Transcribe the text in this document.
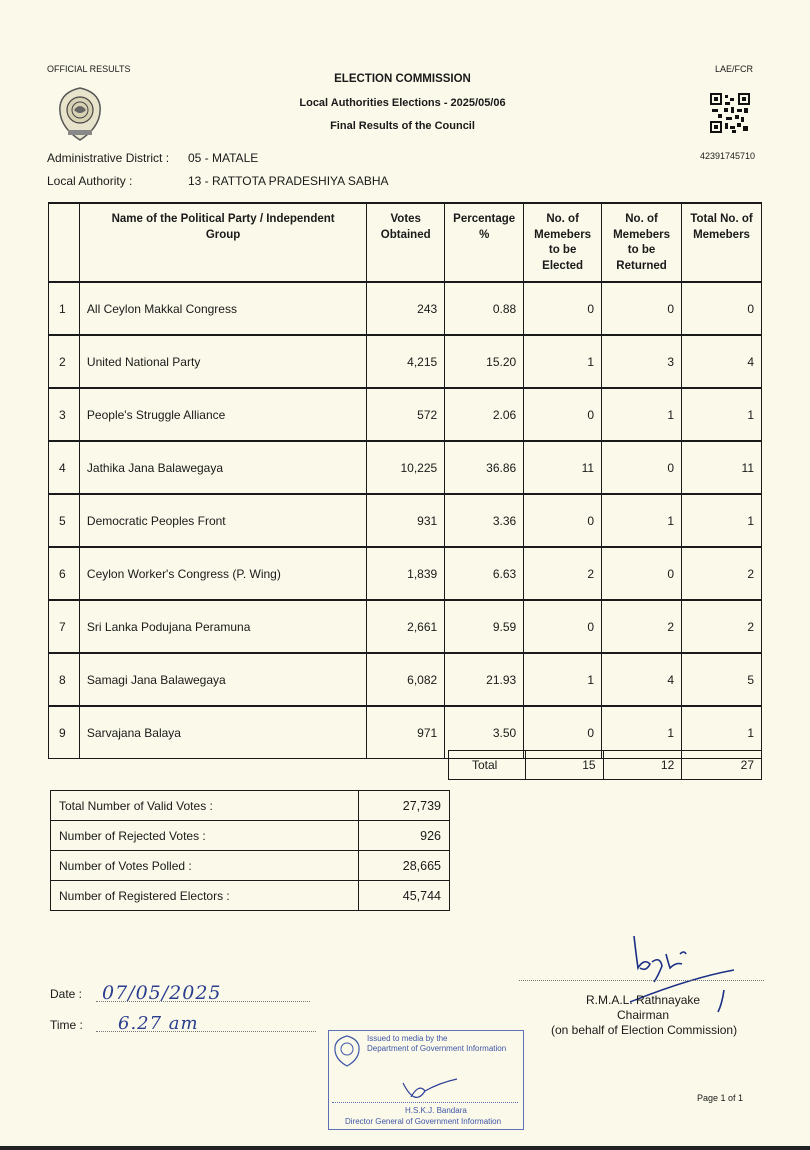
OFFICIAL RESULTS	LAE/FCR
ELECTION COMMISSION
Local Authorities Elections - 2025/05/06
Final Results of the Council
42391745710
Administrative District : 05 - MATALE
Local Authority :	13 - RATTOTA PRADESHIYA SABHA
	Name of the Political Party / Independent Group	Votes Obtained	Percentage %	No. of Memebers to be Elected	No. of Memebers to be Returned	Total No. of Memebers
1	All Ceylon Makkal Congress	243	0.88	0	0	0
2	United National Party	4,215	15.20	1	3	4
3	People's Struggle Alliance	572	2.06	0	1	1
4	Jathika Jana Balawegaya	10,225	36.86	11	0	11
5	Democratic Peoples Front	931	3.36	0	1	1
6	Ceylon Worker's Congress (P. Wing)	1,839	6.63	2	0	2
7	Sri Lanka Podujana Peramuna	2,661	9.59	0	2	2
8	Samagi Jana Balawegaya	6,082	21.93	1	4	5
9	Sarvajana Balaya	971	3.50	0	1	1
Total	15	12	27
Total Number of Valid Votes :	27,739
Number of Rejected Votes :	926
Number of Votes Polled :	28,665
Number of Registered Electors :	45,744
Date :	07/05/2025
Time :	6.27 am
R.M.A.L. Rathnayake
Chairman
(on behalf of Election Commission)
Issued to media by the
Department of Government Information
H.S.K.J. Bandara
Director General of Government Information
Page 1 of 1
